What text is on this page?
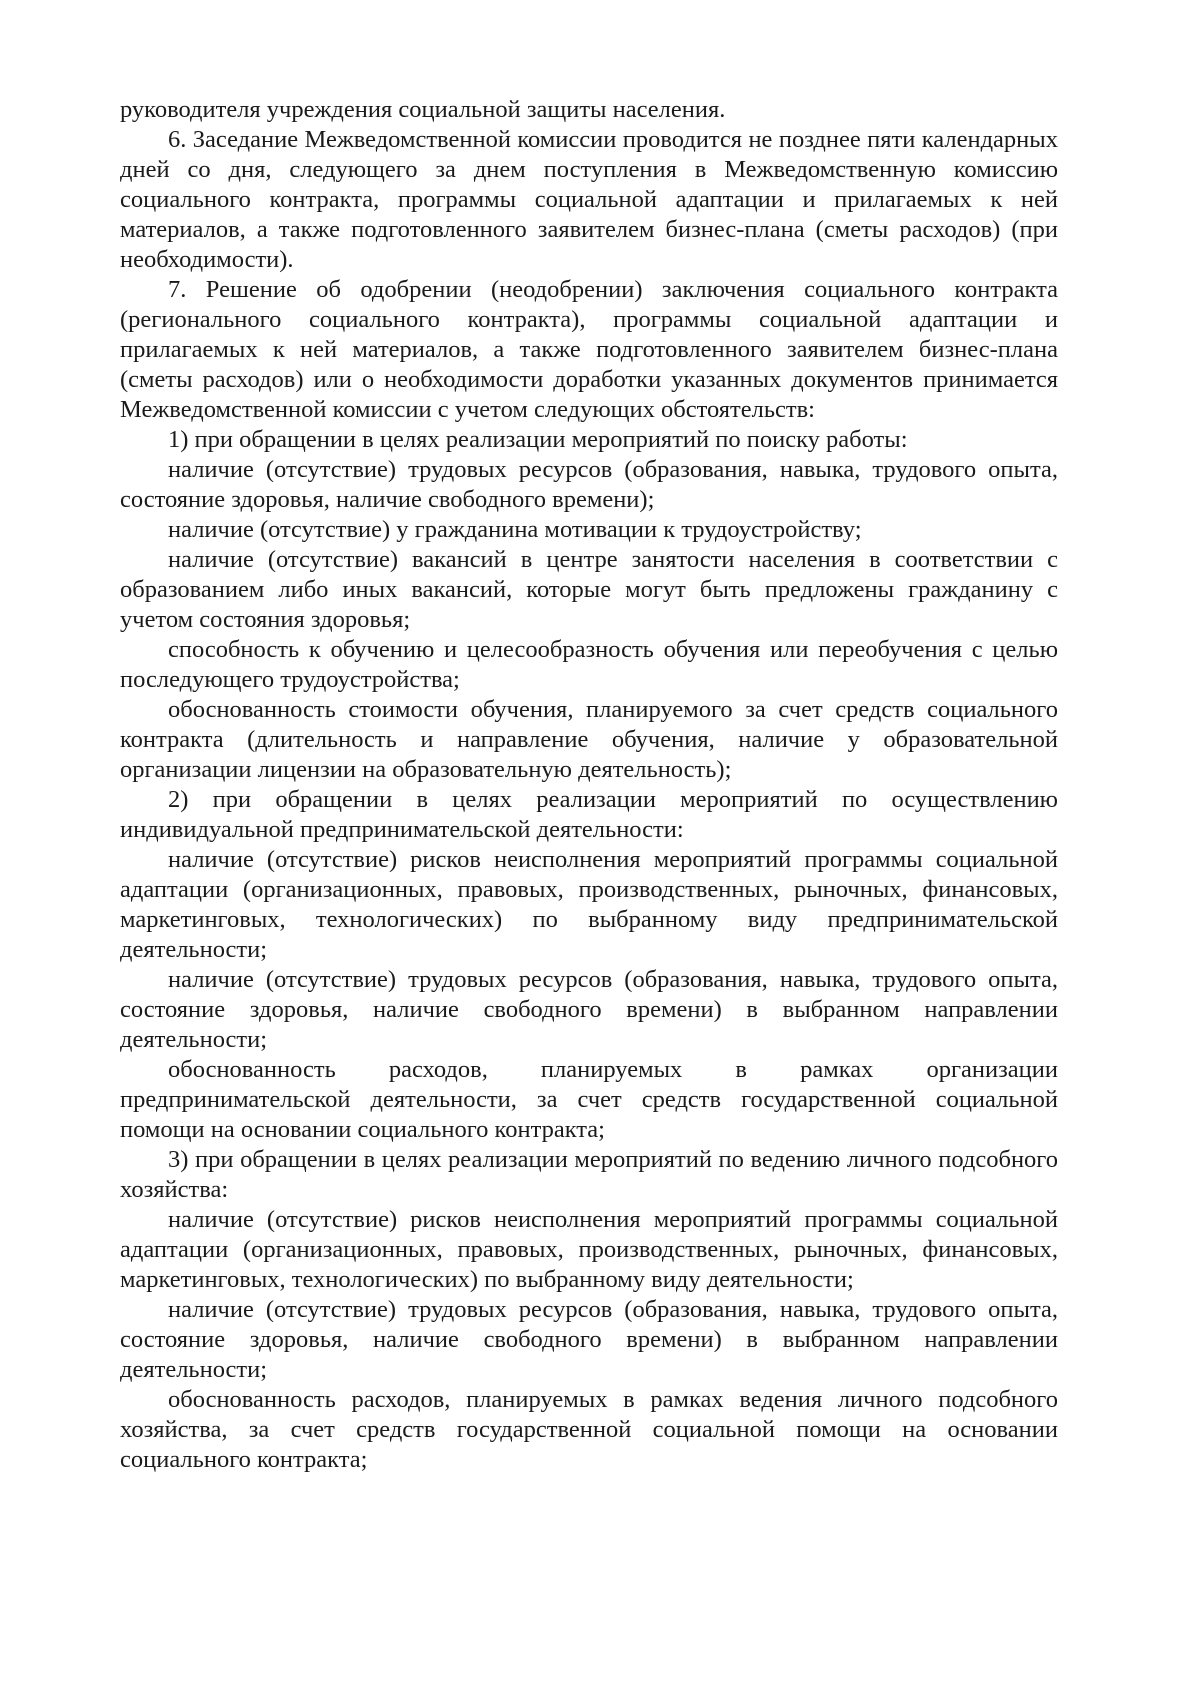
руководителя учреждения социальной защиты населения.

6. Заседание Межведомственной комиссии проводится не позднее пяти календарных дней со дня, следующего за днем поступления в Межведомственную комиссию социального контракта, программы социальной адаптации и прилагаемых к ней материалов, а также подготовленного заявителем бизнес-плана (сметы расходов) (при необходимости).

7. Решение об одобрении (неодобрении) заключения социального контракта (регионального социального контракта), программы социальной адаптации и прилагаемых к ней материалов, а также подготовленного заявителем бизнес-плана (сметы расходов) или о необходимости доработки указанных документов принимается Межведомственной комиссии с учетом следующих обстоятельств:

1) при обращении в целях реализации мероприятий по поиску работы:

наличие (отсутствие) трудовых ресурсов (образования, навыка, трудового опыта, состояние здоровья, наличие свободного времени);

наличие (отсутствие) у гражданина мотивации к трудоустройству;

наличие (отсутствие) вакансий в центре занятости населения в соответствии с образованием либо иных вакансий, которые могут быть предложены гражданину с учетом состояния здоровья;

способность к обучению и целесообразность обучения или переобучения с целью последующего трудоустройства;

обоснованность стоимости обучения, планируемого за счет средств социального контракта (длительность и направление обучения, наличие у образовательной организации лицензии на образовательную деятельность);

2) при обращении в целях реализации мероприятий по осуществлению индивидуальной предпринимательской деятельности:

наличие (отсутствие) рисков неисполнения мероприятий программы социальной адаптации (организационных, правовых, производственных, рыночных, финансовых, маркетинговых, технологических) по выбранному виду предпринимательской деятельности;

наличие (отсутствие) трудовых ресурсов (образования, навыка, трудового опыта, состояние здоровья, наличие свободного времени) в выбранном направлении деятельности;

обоснованность расходов, планируемых в рамках организации предпринимательской деятельности, за счет средств государственной социальной помощи на основании социального контракта;

3) при обращении в целях реализации мероприятий по ведению личного подсобного хозяйства:

наличие (отсутствие) рисков неисполнения мероприятий программы социальной адаптации (организационных, правовых, производственных, рыночных, финансовых, маркетинговых, технологических) по выбранному виду деятельности;

наличие (отсутствие) трудовых ресурсов (образования, навыка, трудового опыта, состояние здоровья, наличие свободного времени) в выбранном направлении деятельности;

обоснованность расходов, планируемых в рамках ведения личного подсобного хозяйства, за счет средств государственной социальной помощи на основании социального контракта;
